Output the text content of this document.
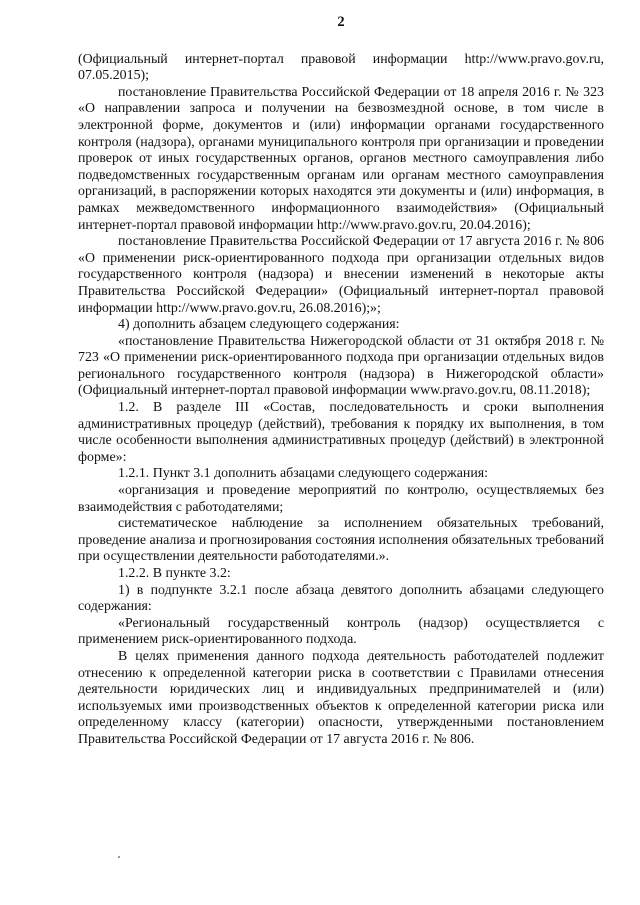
2

(Официальный интернет-портал правовой информации http://www.pravo.gov.ru, 07.05.2015);

постановление Правительства Российской Федерации от 18 апреля 2016 г. № 323 «О направлении запроса и получении на безвозмездной основе, в том числе в электронной форме, документов и (или) информации органами государственного контроля (надзора), органами муниципального контроля при организации и проведении проверок от иных государственных органов, органов местного самоуправления либо подведомственных государственным органам или органам местного самоуправления организаций, в распоряжении которых находятся эти документы и (или) информация, в рамках межведомственного информационного взаимодействия» (Официальный интернет-портал правовой информации http://www.pravo.gov.ru, 20.04.2016);

постановление Правительства Российской Федерации от 17 августа 2016 г. № 806 «О применении риск-ориентированного подхода при организации отдельных видов государственного контроля (надзора) и внесении изменений в некоторые акты Правительства Российской Федерации» (Официальный интернет-портал правовой информации http://www.pravo.gov.ru, 26.08.2016);»;

4) дополнить абзацем следующего содержания:

«постановление Правительства Нижегородской области от 31 октября 2018 г. № 723 «О применении риск-ориентированного подхода при организации отдельных видов регионального государственного контроля (надзора) в Нижегородской области» (Официальный интернет-портал правовой информации www.pravo.gov.ru, 08.11.2018);

1.2. В разделе III «Состав, последовательность и сроки выполнения административных процедур (действий), требования к порядку их выполнения, в том числе особенности выполнения административных процедур (действий) в электронной форме»:

1.2.1. Пункт 3.1 дополнить абзацами следующего содержания:

«организация и проведение мероприятий по контролю, осуществляемых без взаимодействия с работодателями;

систематическое наблюдение за исполнением обязательных требований, проведение анализа и прогнозирования состояния исполнения обязательных требований при осуществлении деятельности работодателями.».

1.2.2. В пункте 3.2:

1) в подпункте 3.2.1 после абзаца девятого дополнить абзацами следующего содержания:

«Региональный государственный контроль (надзор) осуществляется с применением риск-ориентированного подхода.

В целях применения данного подхода деятельность работодателей подлежит отнесению к определенной категории риска в соответствии с Правилами отнесения деятельности юридических лиц и индивидуальных предпринимателей и (или) используемых ими производственных объектов к определенной категории риска или определенному классу (категории) опасности, утвержденными постановлением Правительства Российской Федерации от 17 августа 2016 г. № 806.
